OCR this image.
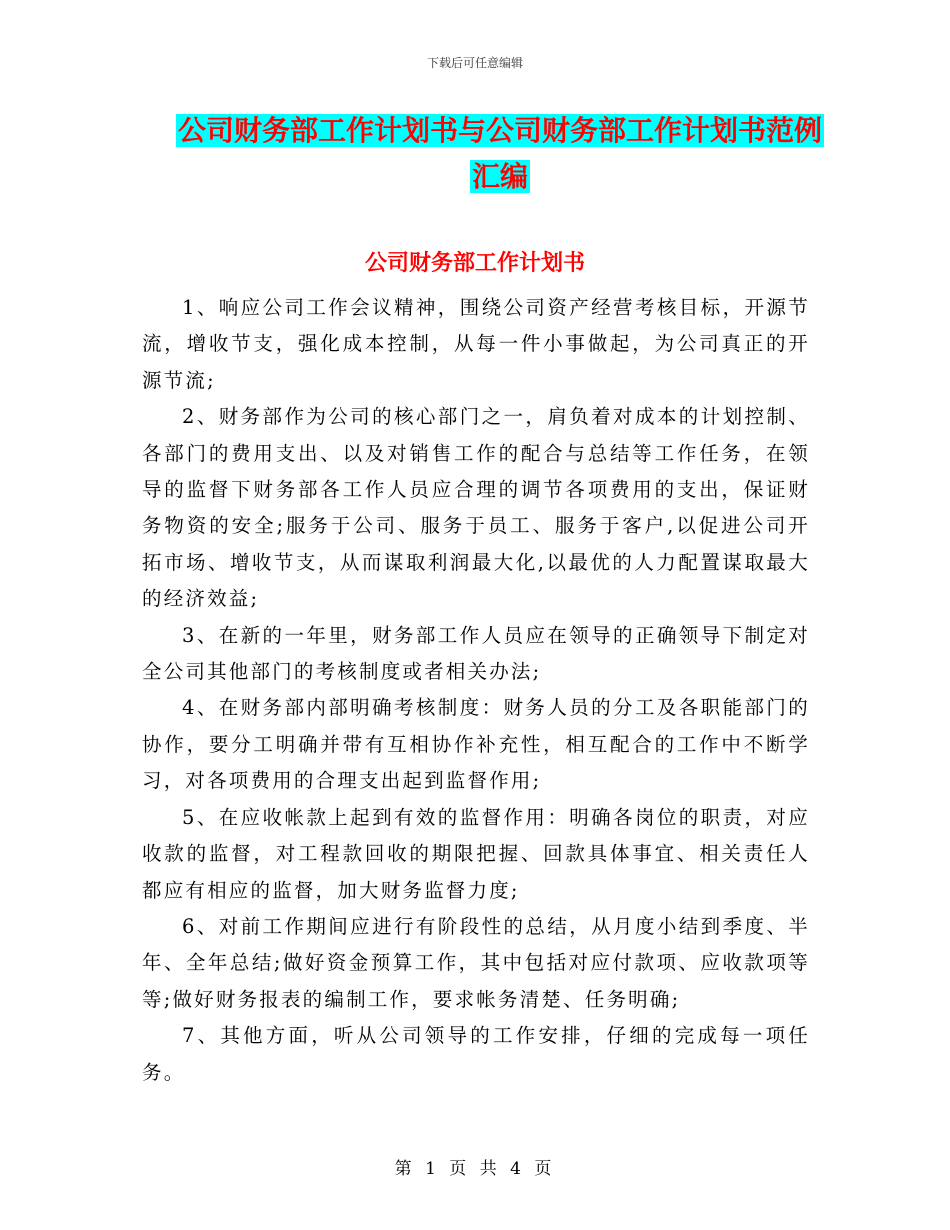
下载后可任意编辑
公司财务部工作计划书与公司财务部工作计划书范例
汇编
公司财务部工作计划书

1、响应公司工作会议精神，围绕公司资产经营考核目标，开源节流，增收节支，强化成本控制，从每一件小事做起，为公司真正的开源节流;

2、财务部作为公司的核心部门之一，肩负着对成本的计划控制、各部门的费用支出、以及对销售工作的配合与总结等工作任务，在领导的监督下财务部各工作人员应合理的调节各项费用的支出，保证财务物资的安全;服务于公司、服务于员工、服务于客户,以促进公司开拓市场、增收节支，从而谋取利润最大化,以最优的人力配置谋取最大的经济效益;

3、在新的一年里，财务部工作人员应在领导的正确领导下制定对全公司其他部门的考核制度或者相关办法;

4、在财务部内部明确考核制度：财务人员的分工及各职能部门的协作，要分工明确并带有互相协作补充性，相互配合的工作中不断学习，对各项费用的合理支出起到监督作用;

5、在应收帐款上起到有效的监督作用：明确各岗位的职责，对应收款的监督，对工程款回收的期限把握、回款具体事宜、相关责任人都应有相应的监督，加大财务监督力度;

6、对前工作期间应进行有阶段性的总结，从月度小结到季度、半年、全年总结;做好资金预算工作，其中包括对应付款项、应收款项等等;做好财务报表的编制工作，要求帐务清楚、任务明确;

7、其他方面，听从公司领导的工作安排，仔细的完成每一项任务。

第 1 页 共 4 页
